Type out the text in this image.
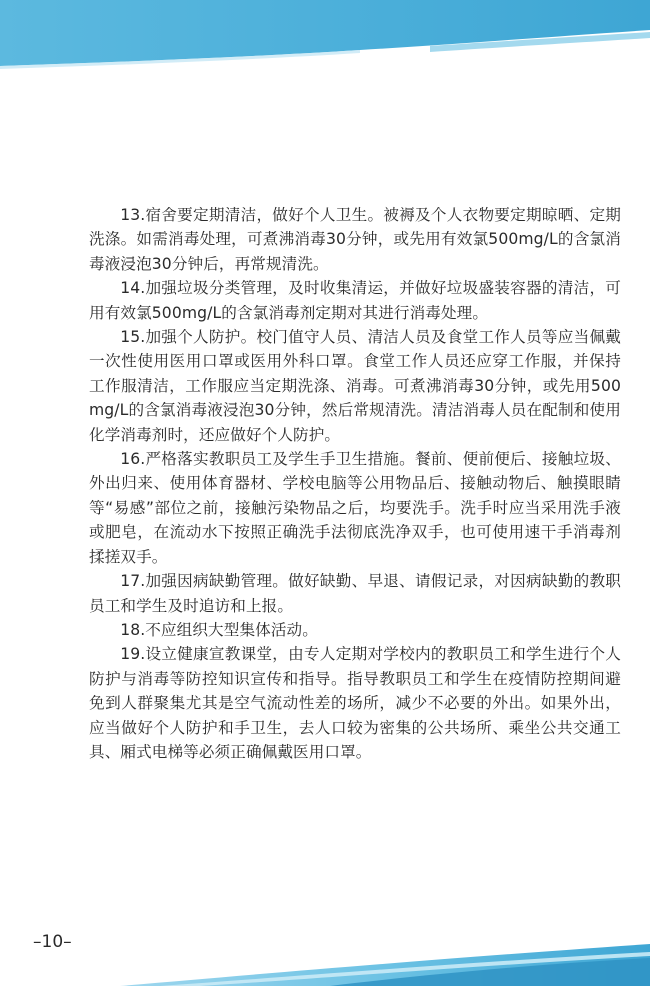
13.宿舍要定期清洁，做好个人卫生。被褥及个人衣物要定期晾晒、定期洗涤。如需消毒处理，可煮沸消毒30分钟，或先用有效氯500mg/L的含氯消毒液浸泡30分钟后，再常规清洗。

14.加强垃圾分类管理，及时收集清运，并做好垃圾盛装容器的清洁，可用有效氯500mg/L的含氯消毒剂定期对其进行消毒处理。

15.加强个人防护。校门值守人员、清洁人员及食堂工作人员等应当佩戴一次性使用医用口罩或医用外科口罩。食堂工作人员还应穿工作服，并保持工作服清洁，工作服应当定期洗涤、消毒。可煮沸消毒30分钟，或先用500mg/L的含氯消毒液浸泡30分钟，然后常规清洗。清洁消毒人员在配制和使用化学消毒剂时，还应做好个人防护。

16.严格落实教职员工及学生手卫生措施。餐前、便前便后、接触垃圾、外出归来、使用体育器材、学校电脑等公用物品后、接触动物后、触摸眼睛等“易感”部位之前，接触污染物品之后，均要洗手。洗手时应当采用洗手液或肥皂，在流动水下按照正确洗手法彻底洗净双手，也可使用速干手消毒剂揉搓双手。

17.加强因病缺勤管理。做好缺勤、早退、请假记录，对因病缺勤的教职员工和学生及时追访和上报。

18.不应组织大型集体活动。

19.设立健康宣教课堂，由专人定期对学校内的教职员工和学生进行个人防护与消毒等防控知识宣传和指导。指导教职员工和学生在疫情防控期间避免到人群聚集尤其是空气流动性差的场所，减少不必要的外出。如果外出，应当做好个人防护和手卫生，去人口较为密集的公共场所、乘坐公共交通工具、厢式电梯等必须正确佩戴医用口罩。

–10–
